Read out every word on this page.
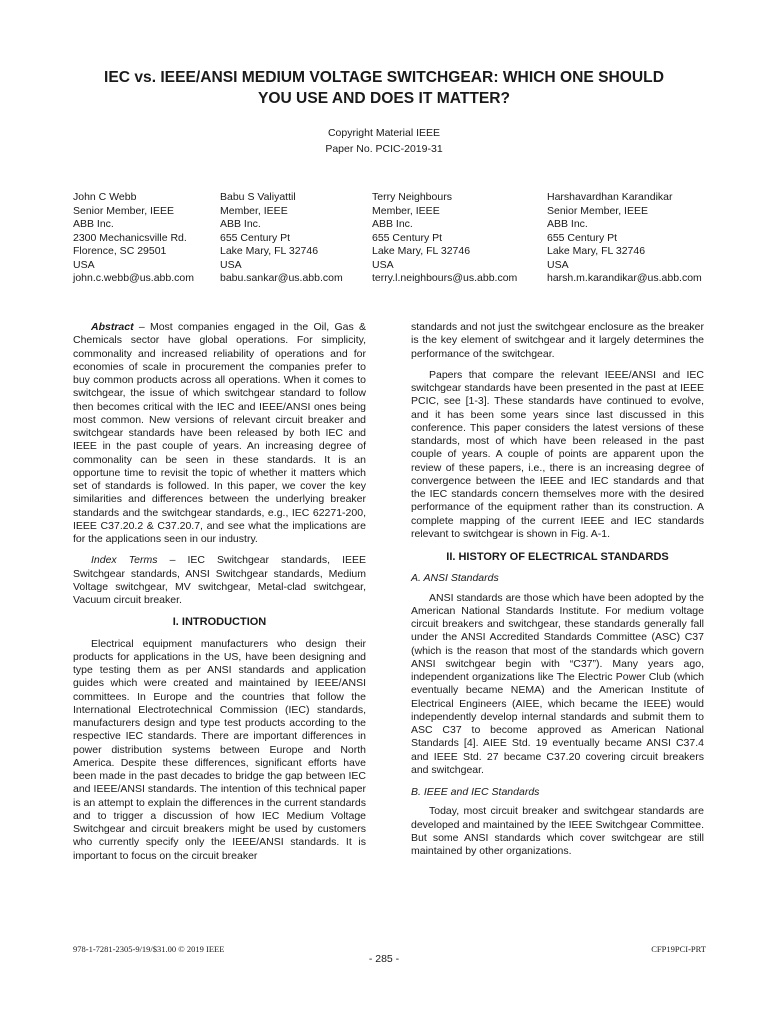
IEC vs. IEEE/ANSI MEDIUM VOLTAGE SWITCHGEAR: WHICH ONE SHOULD
YOU USE AND DOES IT MATTER?
Copyright Material IEEE
Paper No. PCIC-2019-31
John C Webb
Senior Member, IEEE
ABB Inc.
2300 Mechanicsville Rd.
Florence, SC 29501
USA
john.c.webb@us.abb.com
Babu S Valiyattil
Member, IEEE
ABB Inc.
655 Century Pt
Lake Mary, FL 32746
USA
babu.sankar@us.abb.com
Terry Neighbours
Member, IEEE
ABB Inc.
655 Century Pt
Lake Mary, FL 32746
USA
terry.l.neighbours@us.abb.com
Harshavardhan Karandikar
Senior Member, IEEE
ABB Inc.
655 Century Pt
Lake Mary, FL 32746
USA
harsh.m.karandikar@us.abb.com

Abstract – Most companies engaged in the Oil, Gas & Chemicals sector have global operations. For simplicity, commonality and increased reliability of operations and for economies of scale in procurement the companies prefer to buy common products across all operations. When it comes to switchgear, the issue of which switchgear standard to follow then becomes critical with the IEC and IEEE/ANSI ones being most common. New versions of relevant circuit breaker and switchgear standards have been released by both IEC and IEEE in the past couple of years. An increasing degree of commonality can be seen in these standards. It is an opportune time to revisit the topic of whether it matters which set of standards is followed. In this paper, we cover the key similarities and differences between the underlying breaker standards and the switchgear standards, e.g., IEC 62271-200, IEEE C37.20.2 & C37.20.7, and see what the implications are for the applications seen in our industry.

Index Terms – IEC Switchgear standards, IEEE Switchgear standards, ANSI Switchgear standards, Medium Voltage switchgear, MV switchgear, Metal-clad switchgear, Vacuum circuit breaker.

I. INTRODUCTION

Electrical equipment manufacturers who design their products for applications in the US, have been designing and type testing them as per ANSI standards and application guides which were created and maintained by IEEE/ANSI committees. In Europe and the countries that follow the International Electrotechnical Commission (IEC) standards, manufacturers design and type test products according to the respective IEC standards. There are important differences in power distribution systems between Europe and North America. Despite these differences, significant efforts have been made in the past decades to bridge the gap between IEC and IEEE/ANSI standards. The intention of this technical paper is an attempt to explain the differences in the current standards and to trigger a discussion of how IEC Medium Voltage Switchgear and circuit breakers might be used by customers who currently specify only the IEEE/ANSI standards. It is important to focus on the circuit breaker

standards and not just the switchgear enclosure as the breaker is the key element of switchgear and it largely determines the performance of the switchgear.

Papers that compare the relevant IEEE/ANSI and IEC switchgear standards have been presented in the past at IEEE PCIC, see [1-3]. These standards have continued to evolve, and it has been some years since last discussed in this conference. This paper considers the latest versions of these standards, most of which have been released in the past couple of years. A couple of points are apparent upon the review of these papers, i.e., there is an increasing degree of convergence between the IEEE and IEC standards and that the IEC standards concern themselves more with the desired performance of the equipment rather than its construction. A complete mapping of the current IEEE and IEC standards relevant to switchgear is shown in Fig. A-1.

II. HISTORY OF ELECTRICAL STANDARDS
A. ANSI Standards

ANSI standards are those which have been adopted by the American National Standards Institute. For medium voltage circuit breakers and switchgear, these standards generally fall under the ANSI Accredited Standards Committee (ASC) C37 (which is the reason that most of the standards which govern ANSI switchgear begin with “C37”). Many years ago, independent organizations like The Electric Power Club (which eventually became NEMA) and the American Institute of Electrical Engineers (AIEE, which became the IEEE) would independently develop internal standards and submit them to ASC C37 to become approved as American National Standards [4]. AIEE Std. 19 eventually became ANSI C37.4 and IEEE Std. 27 became C37.20 covering circuit breakers and switchgear.

B. IEEE and IEC Standards

Today, most circuit breaker and switchgear standards are developed and maintained by the IEEE Switchgear Committee. But some ANSI standards which cover switchgear are still maintained by other organizations.

978-1-7281-2305-9/19/$31.00 © 2019 IEEE	CFP19PCI-PRT
- 285 -
